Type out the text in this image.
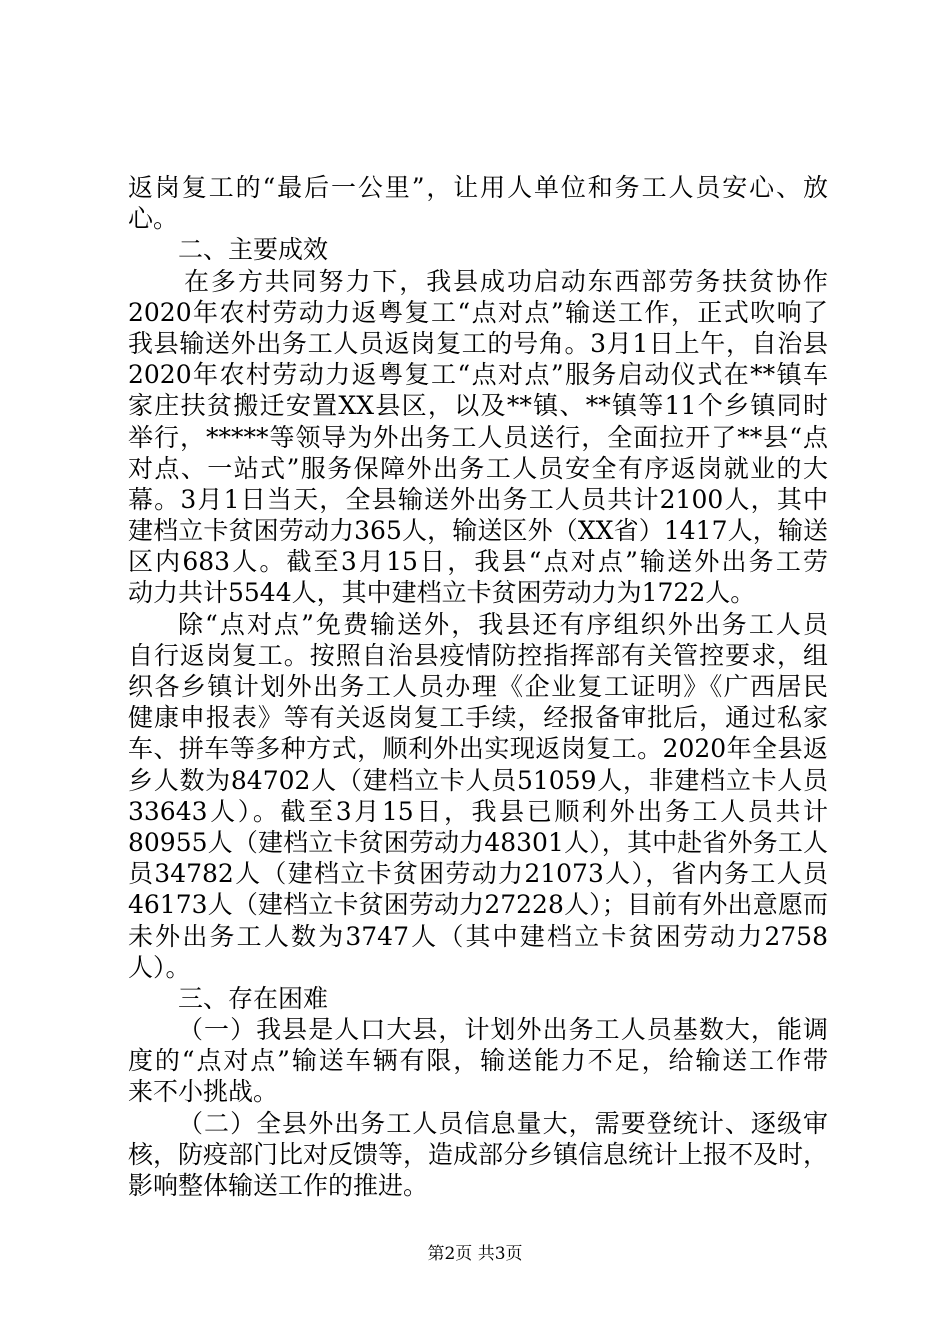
返岗复工的“最后一公里”，让用人单位和务工人员安心、放
心。
二、主要成效
在多方共同努力下，我县成功启动东西部劳务扶贫协作
2020年农村劳动力返粤复工“点对点”输送工作，正式吹响了
我县输送外出务工人员返岗复工的号角。3月1日上午，自治县
2020年农村劳动力返粤复工“点对点”服务启动仪式在**镇车
家庄扶贫搬迁安置XX县区，以及**镇、**镇等11个乡镇同时
举行，*****等领导为外出务工人员送行，全面拉开了**县“点
对点、一站式”服务保障外出务工人员安全有序返岗就业的大
幕。3月1日当天，全县输送外出务工人员共计2100人，其中
建档立卡贫困劳动力365人，输送区外（XX省）1417人，输送
区内683人。截至3月15日，我县“点对点”输送外出务工劳
动力共计5544人，其中建档立卡贫困劳动力为1722人。
除“点对点”免费输送外，我县还有序组织外出务工人员
自行返岗复工。按照自治县疫情防控指挥部有关管控要求，组
织各乡镇计划外出务工人员办理《企业复工证明》《广西居民
健康申报表》等有关返岗复工手续，经报备审批后，通过私家
车、拼车等多种方式，顺利外出实现返岗复工。2020年全县返
乡人数为84702人（建档立卡人员51059人，非建档立卡人员
33643人）。截至3月15日，我县已顺利外出务工人员共计
80955人（建档立卡贫困劳动力48301人），其中赴省外务工人
员34782人（建档立卡贫困劳动力21073人），省内务工人员
46173人（建档立卡贫困劳动力27228人）；目前有外出意愿而
未外出务工人数为3747人（其中建档立卡贫困劳动力2758
人）。
三、存在困难
（一）我县是人口大县，计划外出务工人员基数大，能调
度的“点对点”输送车辆有限，输送能力不足，给输送工作带
来不小挑战。
（二）全县外出务工人员信息量大，需要登统计、逐级审
核，防疫部门比对反馈等，造成部分乡镇信息统计上报不及时，
影响整体输送工作的推进。
第2页 共3页
